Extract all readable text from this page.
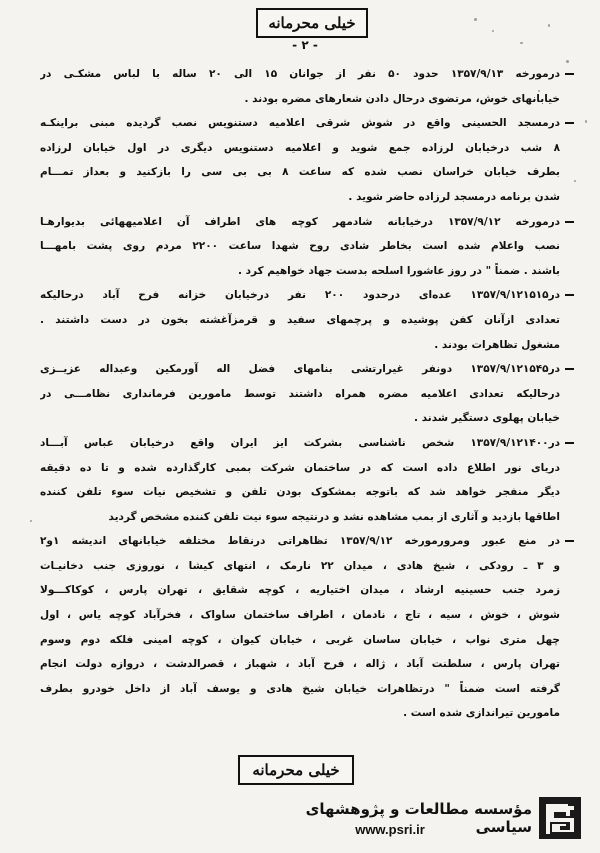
خیلی محرمانه
- ۲ -
درمورخه ۱۳۵۷/۹/۱۳ حدود ۵۰ نفر از جوانان ۱۵ الی ۲۰ ساله با لباس مشکـی در
خیابانهای خوش، مرتضوی درحال دادن شعارهای مضره بودند .
درمسجد الحسینی واقع در شوش شرقی اعلامیه دستنویس نصب گردیده مبنی براینکـه
۸ شب درخیابان لرزاده جمع شوید و اعلامیه دستنویس دیگری در اول خیابان لرزاده
بطرف خیابان خراسان نصب شده که ساعت ۸ بی بی سی را بازکنید و بعداز تمـــام
شدن برنامه درمسجد لرزاده حاضر شوید .
درمورخه ۱۳۵۷/۹/۱۲ درخیابانه شادمهر کوچه های اطراف آن اعلامیههائی بدیوارهـا
نصب واعلام شده است بخاطر شادی روح شهدا ساعت ۲۲۰۰ مردم روی پشت بامهـــا
باشند . ضمناً " در روز عاشورا اسلحه بدست جهاد خواهیم کرد .
در۱۳۵۷/۹/۱۲۱۵۱۵ عده‌ای درحدود ۲۰۰ نفر درخیابان خزانه فرح آباد درحالیکه
تعدادی ازآنان کفن پوشیده و پرچمهای سفید و قرمزآغشته بخون در دست داشتند .
مشغول تظاهرات بودند .
در۱۳۵۷/۹/۱۲۱۵۴۵ دونفر غیرارتشی بنامهای فضل اله آورمکین وعبداله عزیــزی
درحالیکه تعدادی اعلامیه مضره همراه داشتند توسط مامورین فرمانداری نظامـــی در
خیابان پهلوی دستگیر شدند .
در۱۳۵۷/۹/۱۲۱۴۰۰ شخص ناشناسی بشرکت ایز ایران واقع درخیابان عباس آبـــاد
دریای نور اطلاع داده است که در ساختمان شرکت بمبی کارگذارده شده و تا ده دقیقه
دیگر منفجر خواهد شد که باتوجه بمشکوک بودن تلفن و تشخیص نیات سوء تلفن کننده
اطاقها بازدید و آثاری از بمب مشاهده نشد و درنتیجه سوء نیت تلفن کننده مشخص گردید
در منع عبور ومرورمورخه ۱۳۵۷/۹/۱۲ تظاهراتی درنقاط مختلفه خیابانهای اندیشه ۱و۲
و ۳ ـ رودکی ، شیخ هادی ، میدان ۲۲ نارمک ، انتهای کیشا ، نوروزی جنب دخانیـات
زمرد جنب حسینیه ارشاد ، میدان اختیاریه ، کوچه شقایق ، تهران پارس ، کوکاکـــولا
شوش ، خوش ، سیه ، تاج ، نادمان ، اطراف ساختمان ساواک ، فخرآباد کوچه یاس ، اول
چهل متری نواب ، خیابان ساسان غربی ، خیابان کیوان ، کوچه امینی فلکه دوم وسوم
تهران پارس ، سلطنت آباد ، ژاله ، فرح آباد ، شهباز ، قصرالدشت ، دروازه دولت انجام
گرفته است ضمناً " درتظاهرات خیابان شیخ هادی و یوسف آباد از داخل خودرو بطرف
مامورین تیراندازی شده است .
خیلی محرمانه
مؤسسه مطالعات و پژوهشهای سیاسی
www.psri.ir
